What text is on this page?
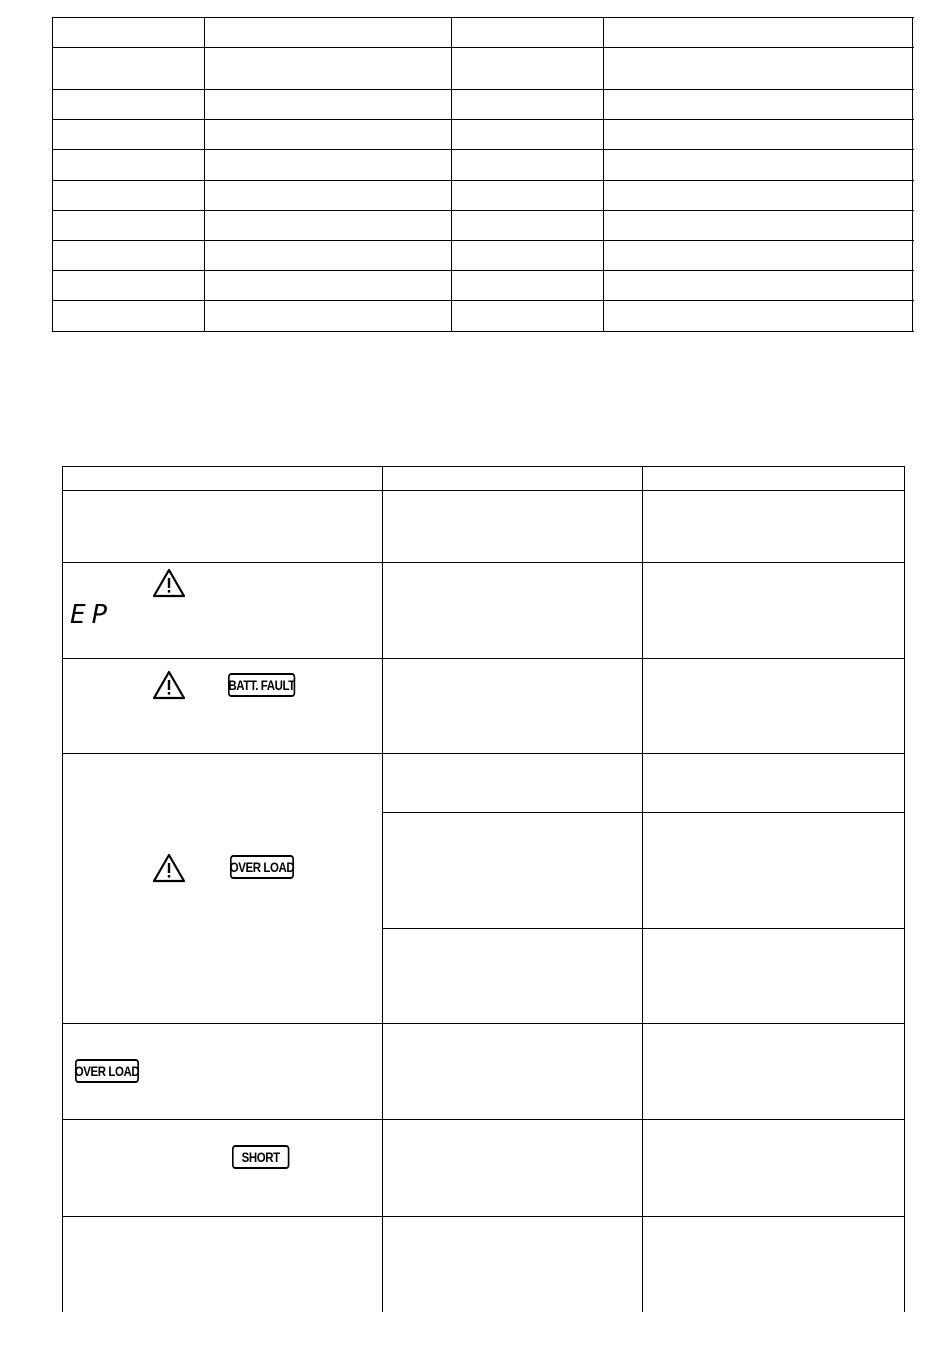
EP
BATT. FAULT
OVER LOAD
OVER LOAD
SHORT
